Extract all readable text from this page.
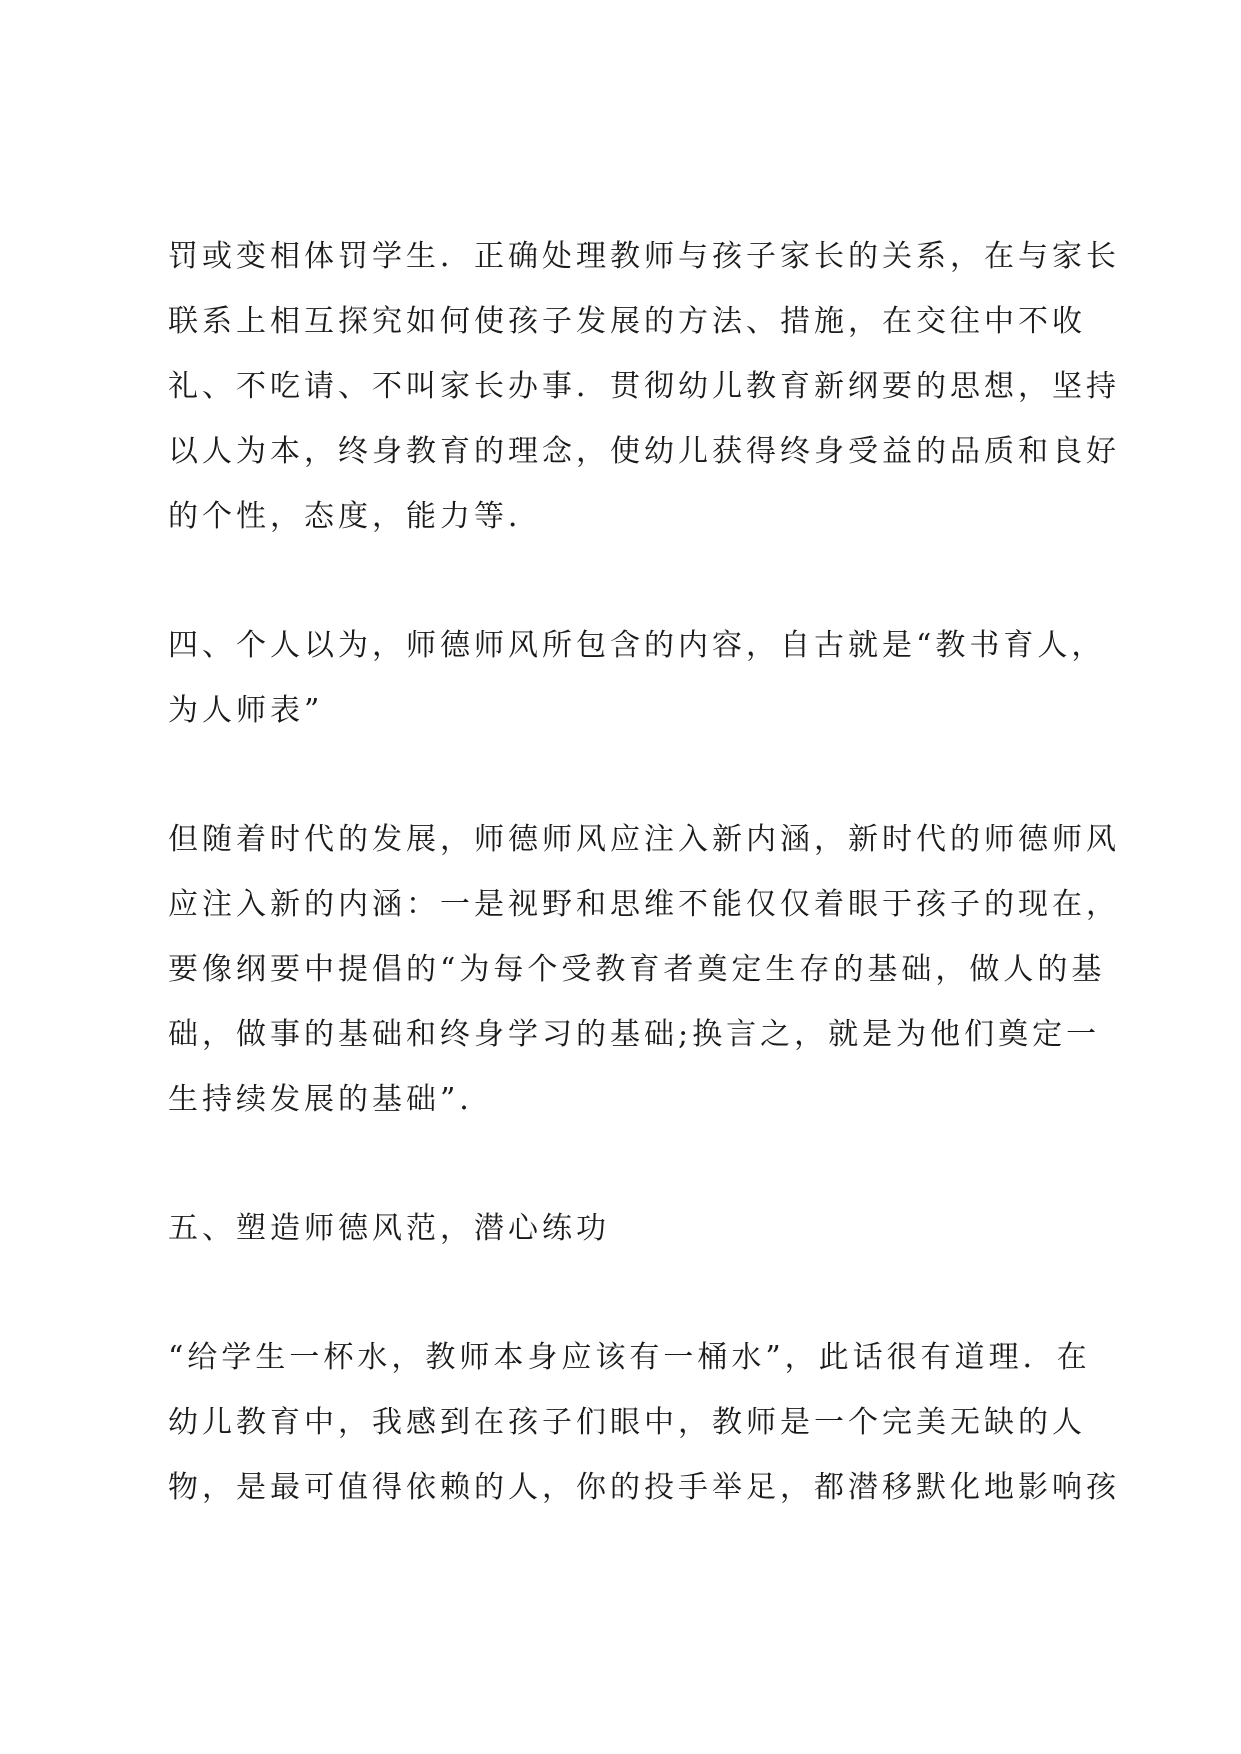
罚或变相体罚学生．正确处理教师与孩子家长的关系，在与家长
联系上相互探究如何使孩子发展的方法、措施，在交往中不收
礼、不吃请、不叫家长办事．贯彻幼儿教育新纲要的思想，坚持
以人为本，终身教育的理念，使幼儿获得终身受益的品质和良好
的个性，态度，能力等．
四、个人以为，师德师风所包含的内容，自古就是“教书育人，
为人师表”
但随着时代的发展，师德师风应注入新内涵，新时代的师德师风
应注入新的内涵：一是视野和思维不能仅仅着眼于孩子的现在，
要像纲要中提倡的“为每个受教育者奠定生存的基础，做人的基
础，做事的基础和终身学习的基础;换言之，就是为他们奠定一
生持续发展的基础”．
五、塑造师德风范，潜心练功
“给学生一杯水，教师本身应该有一桶水”，此话很有道理．在
幼儿教育中，我感到在孩子们眼中，教师是一个完美无缺的人
物，是最可值得依赖的人，你的投手举足，都潜移默化地影响孩
